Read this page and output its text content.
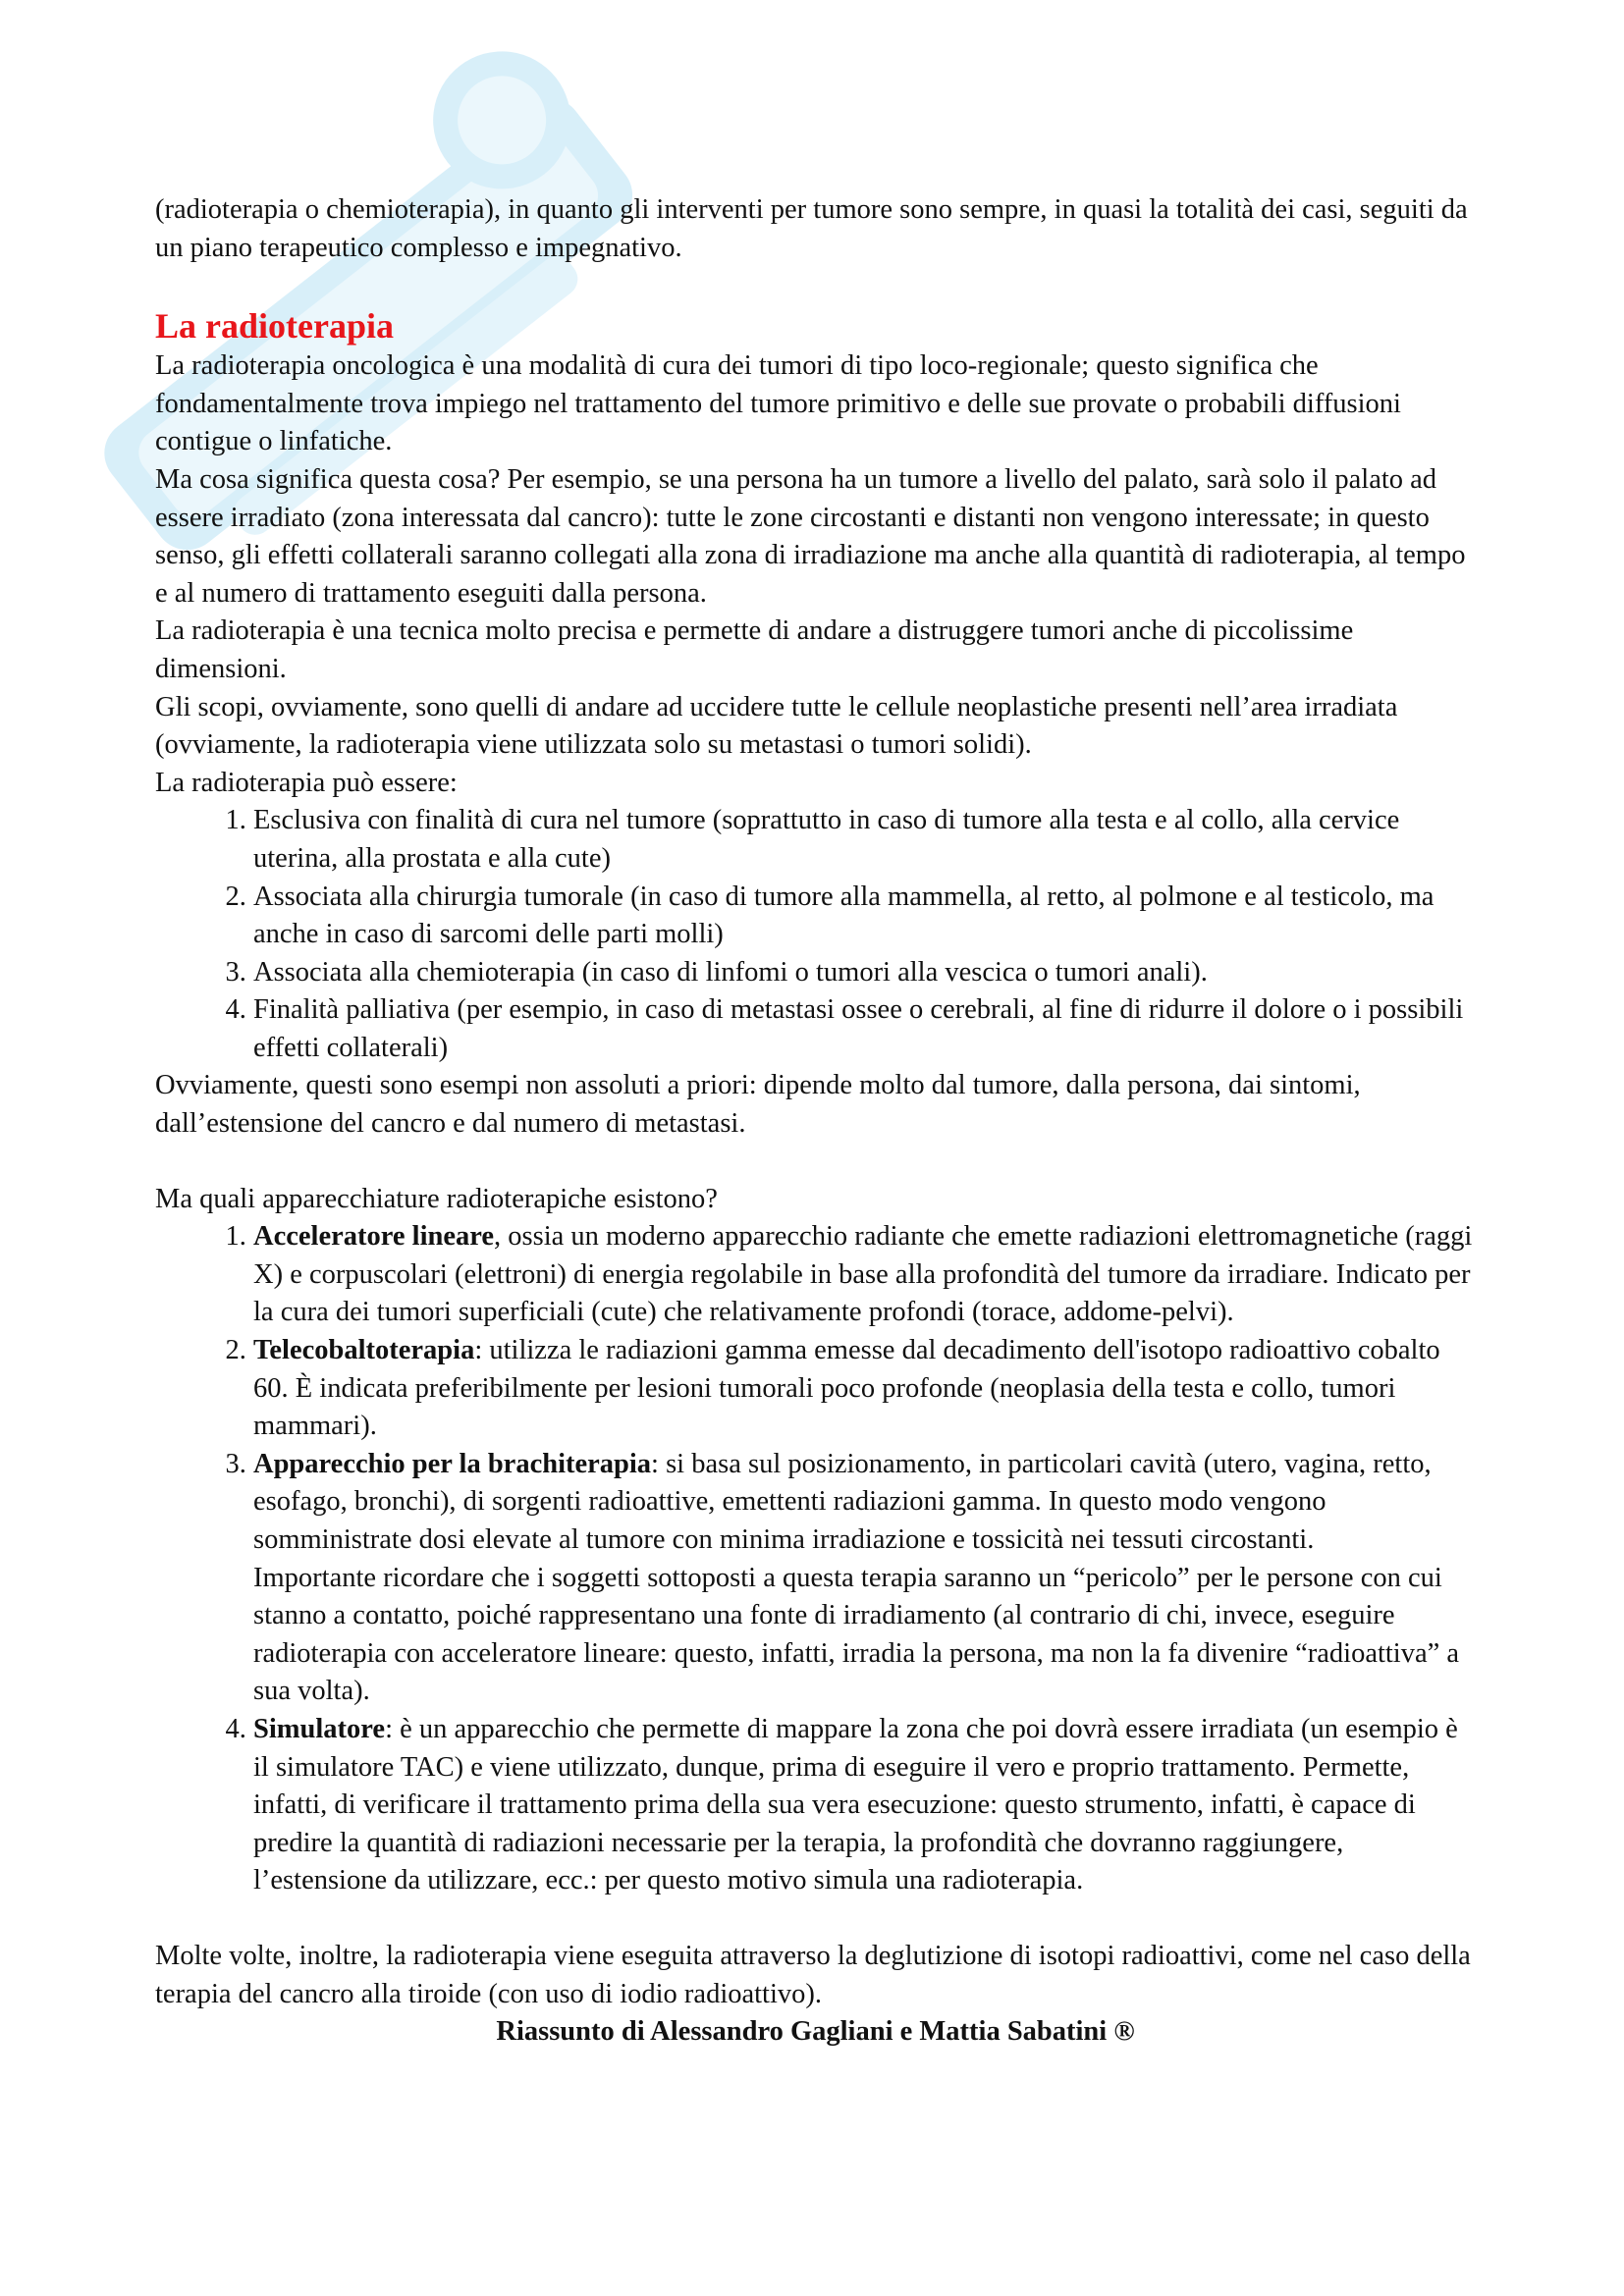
(radioterapia o chemioterapia), in quanto gli interventi per tumore sono sempre, in quasi la totalità dei casi, seguiti da un piano terapeutico complesso e impegnativo.

La radioterapia

La radioterapia oncologica è una modalità di cura dei tumori di tipo loco-regionale; questo significa che fondamentalmente trova impiego nel trattamento del tumore primitivo e delle sue provate o probabili diffusioni contigue o linfatiche.

Ma cosa significa questa cosa? Per esempio, se una persona ha un tumore a livello del palato, sarà solo il palato ad essere irradiato (zona interessata dal cancro): tutte le zone circostanti e distanti non vengono interessate; in questo senso, gli effetti collaterali saranno collegati alla zona di irradiazione ma anche alla quantità di radioterapia, al tempo e al numero di trattamento eseguiti dalla persona.

La radioterapia è una tecnica molto precisa e permette di andare a distruggere tumori anche di piccolissime dimensioni.

Gli scopi, ovviamente, sono quelli di andare ad uccidere tutte le cellule neoplastiche presenti nell’area irradiata (ovviamente, la radioterapia viene utilizzata solo su metastasi o tumori solidi).

La radioterapia può essere:

1. Esclusiva con finalità di cura nel tumore (soprattutto in caso di tumore alla testa e al collo, alla cervice uterina, alla prostata e alla cute)
2. Associata alla chirurgia tumorale (in caso di tumore alla mammella, al retto, al polmone e al testicolo, ma anche in caso di sarcomi delle parti molli)
3. Associata alla chemioterapia (in caso di linfomi o tumori alla vescica o tumori anali).
4. Finalità palliativa (per esempio, in caso di metastasi ossee o cerebrali, al fine di ridurre il dolore o i possibili effetti collaterali)

Ovviamente, questi sono esempi non assoluti a priori: dipende molto dal tumore, dalla persona, dai sintomi, dall’estensione del cancro e dal numero di metastasi.

Ma quali apparecchiature radioterapiche esistono?

1. Acceleratore lineare, ossia un moderno apparecchio radiante che emette radiazioni elettromagnetiche (raggi X) e corpuscolari (elettroni) di energia regolabile in base alla profondità del tumore da irradiare. Indicato per la cura dei tumori superficiali (cute) che relativamente profondi (torace, addome-pelvi).
2. Telecobaltoterapia: utilizza le radiazioni gamma emesse dal decadimento dell'isotopo radioattivo cobalto 60. È indicata preferibilmente per lesioni tumorali poco profonde (neoplasia della testa e collo, tumori mammari).
3. Apparecchio per la brachiterapia: si basa sul posizionamento, in particolari cavità (utero, vagina, retto, esofago, bronchi), di sorgenti radioattive, emettenti radiazioni gamma. In questo modo vengono somministrate dosi elevate al tumore con minima irradiazione e tossicità nei tessuti circostanti.
Importante ricordare che i soggetti sottoposti a questa terapia saranno un “pericolo” per le persone con cui stanno a contatto, poiché rappresentano una fonte di irradiamento (al contrario di chi, invece, eseguire radioterapia con acceleratore lineare: questo, infatti, irradia la persona, ma non la fa divenire “radioattiva” a sua volta).
4. Simulatore: è un apparecchio che permette di mappare la zona che poi dovrà essere irradiata (un esempio è il simulatore TAC) e viene utilizzato, dunque, prima di eseguire il vero e proprio trattamento. Permette, infatti, di verificare il trattamento prima della sua vera esecuzione: questo strumento, infatti, è capace di predire la quantità di radiazioni necessarie per la terapia, la profondità che dovranno raggiungere, l’estensione da utilizzare, ecc.: per questo motivo simula una radioterapia.

Molte volte, inoltre, la radioterapia viene eseguita attraverso la deglutizione di isotopi radioattivi, come nel caso della terapia del cancro alla tiroide (con uso di iodio radioattivo).

Riassunto di Alessandro Gagliani e Mattia Sabatini ®
